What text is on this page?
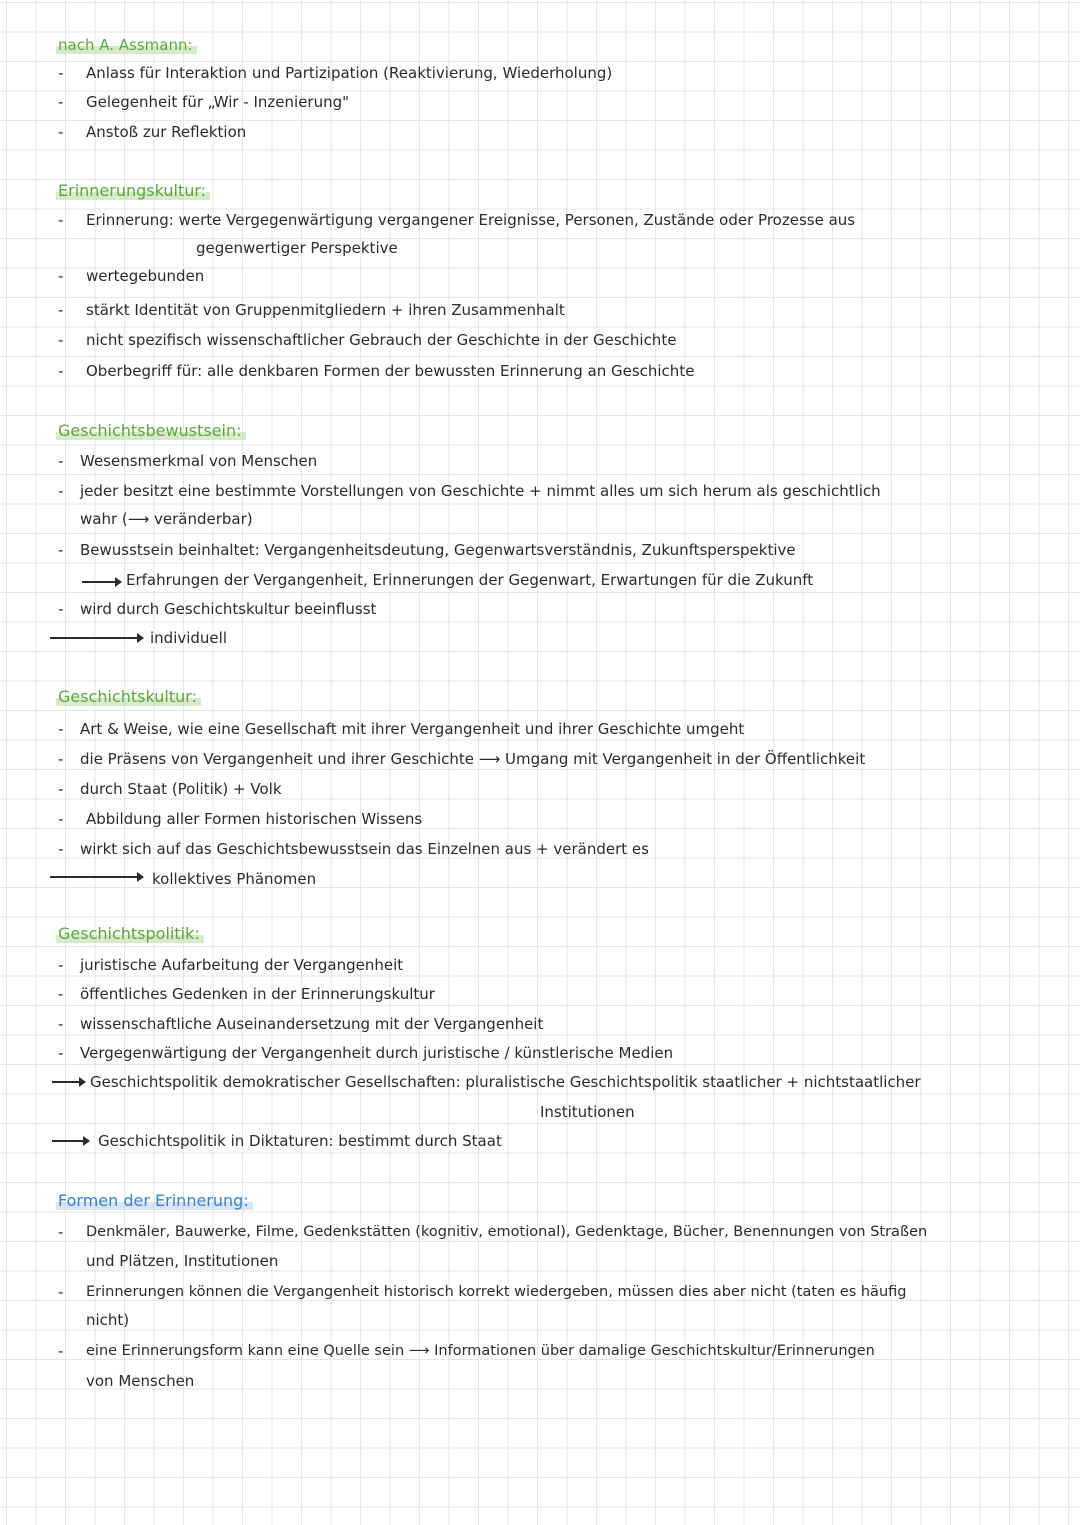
nach A. Assmann:
- Anlass für Interaktion und Partizipation (Reaktivierung, Wiederholung)
- Gelegenheit für „Wir - Inzenierung"
- Anstoß zur Reflektion
Erinnerungskultur:
- Erinnerung: werte Vergegenwärtigung vergangener Ereignisse, Personen, Zustände oder Prozesse aus
gegenwertiger Perspektive
- wertegebunden
- stärkt Identität von Gruppenmitgliedern + ihren Zusammenhalt
- nicht spezifisch wissenschaftlicher Gebrauch der Geschichte in der Geschichte
- Oberbegriff für: alle denkbaren Formen der bewussten Erinnerung an Geschichte
Geschichtsbewustsein:
- Wesensmerkmal von Menschen
- jeder besitzt eine bestimmte Vorstellungen von Geschichte + nimmt alles um sich herum als geschichtlich
wahr (⟶ veränderbar)
- Bewusstsein beinhaltet: Vergangenheitsdeutung, Gegenwartsverständnis, Zukunftsperspektive
Erfahrungen der Vergangenheit, Erinnerungen der Gegenwart, Erwartungen für die Zukunft
- wird durch Geschichtskultur beeinflusst
individuell
Geschichtskultur:
- Art & Weise, wie eine Gesellschaft mit ihrer Vergangenheit und ihrer Geschichte umgeht
- die Präsens von Vergangenheit und ihrer Geschichte ⟶ Umgang mit Vergangenheit in der Öffentlichkeit
- durch Staat (Politik) + Volk
- Abbildung aller Formen historischen Wissens
- wirkt sich auf das Geschichtsbewusstsein das Einzelnen aus + verändert es
kollektives Phänomen
Geschichtspolitik:
- juristische Aufarbeitung der Vergangenheit
- öffentliches Gedenken in der Erinnerungskultur
- wissenschaftliche Auseinandersetzung mit der Vergangenheit
- Vergegenwärtigung der Vergangenheit durch juristische / künstlerische Medien
Geschichtspolitik demokratischer Gesellschaften: pluralistische Geschichtspolitik staatlicher + nichtstaatlicher
Institutionen
Geschichtspolitik in Diktaturen: bestimmt durch Staat
Formen der Erinnerung:
- Denkmäler, Bauwerke, Filme, Gedenkstätten (kognitiv, emotional), Gedenktage, Bücher, Benennungen von Straßen
und Plätzen, Institutionen
- Erinnerungen können die Vergangenheit historisch korrekt wiedergeben, müssen dies aber nicht (taten es häufig
nicht)
- eine Erinnerungsform kann eine Quelle sein ⟶ Informationen über damalige Geschichtskultur/Erinnerungen
von Menschen
